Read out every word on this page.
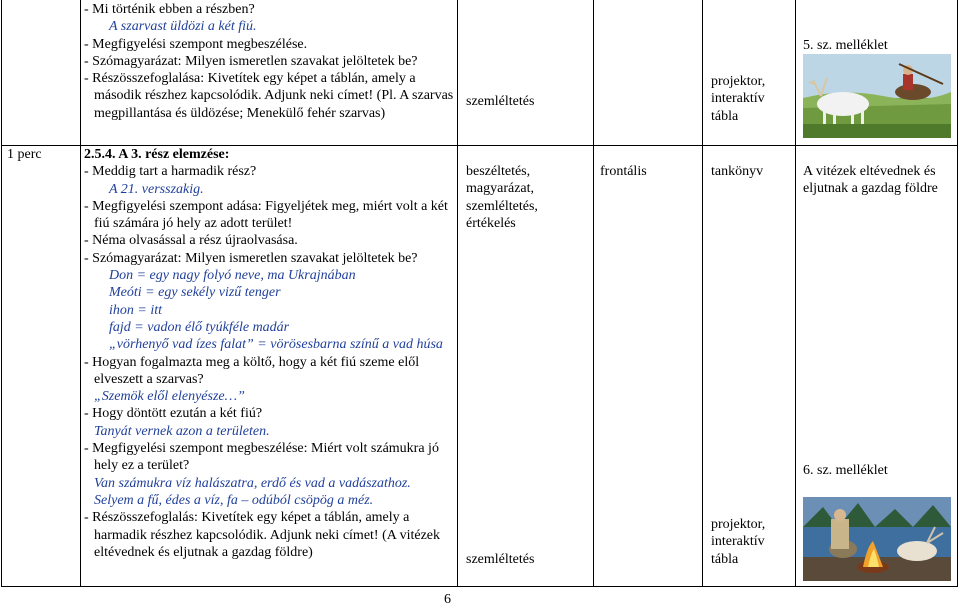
- Mi történik ebben a részben?

A szarvast üldözi a két fiú.

- Megfigyelési szempont megbeszélése.

- Szómagyarázat: Milyen ismeretlen szavakat jelöltetek be?

- Részösszefoglalása: Kivetítek egy képet a táblán, amely a második részhez kapcsolódik. Adjunk neki címet! (Pl. A szarvas megpillantása és üldözése; Menekülő fehér szarvas)

szemléltetés
projektor, interaktív tábla
5. sz. melléklet
1 perc	2.5.4. A 3. rész elemzése:

- Meddig tart a harmadik rész?

A 21. versszakig.

- Megfigyelési szempont adása: Figyeljétek meg, miért volt a két fiú számára jó hely az adott terület!

- Néma olvasással a rész újraolvasása.

- Szómagyarázat: Milyen ismeretlen szavakat jelöltetek be?

Don = egy nagy folyó neve, ma Ukrajnában

Meóti = egy sekély vizű tenger

ihon = itt

fajd = vadon élő tyúkféle madár

„vörhenyő vad ízes falat” = vörösesbarna színű a vad húsa

- Hogyan fogalmazta meg a költő, hogy a két fiú szeme elől elveszett a szarvas?

„Szemök elől elenyésze…”

- Hogy döntött ezután a két fiú?

Tanyát vernek azon a területen.

- Megfigyelési szempont megbeszélése: Miért volt számukra jó hely ez a terület?

Van számukra víz halászatra, erdő és vad a vadászathoz.

Selyem a fű, édes a víz, fa – odúból csöpög a méz.

- Részösszefoglalás: Kivetítek egy képet a táblán, amely a harmadik részhez kapcsolódik. Adjunk neki címet! (A vitézek eltévednek és eljutnak a gazdag földre)

beszéltetés, magyarázat, szemléltetés, értékelés
szemléltetés
frontális	tankönyv
projektor, interaktív tábla
A vitézek eltévednek és eljutnak a gazdag földre
6. sz. melléklet
6
